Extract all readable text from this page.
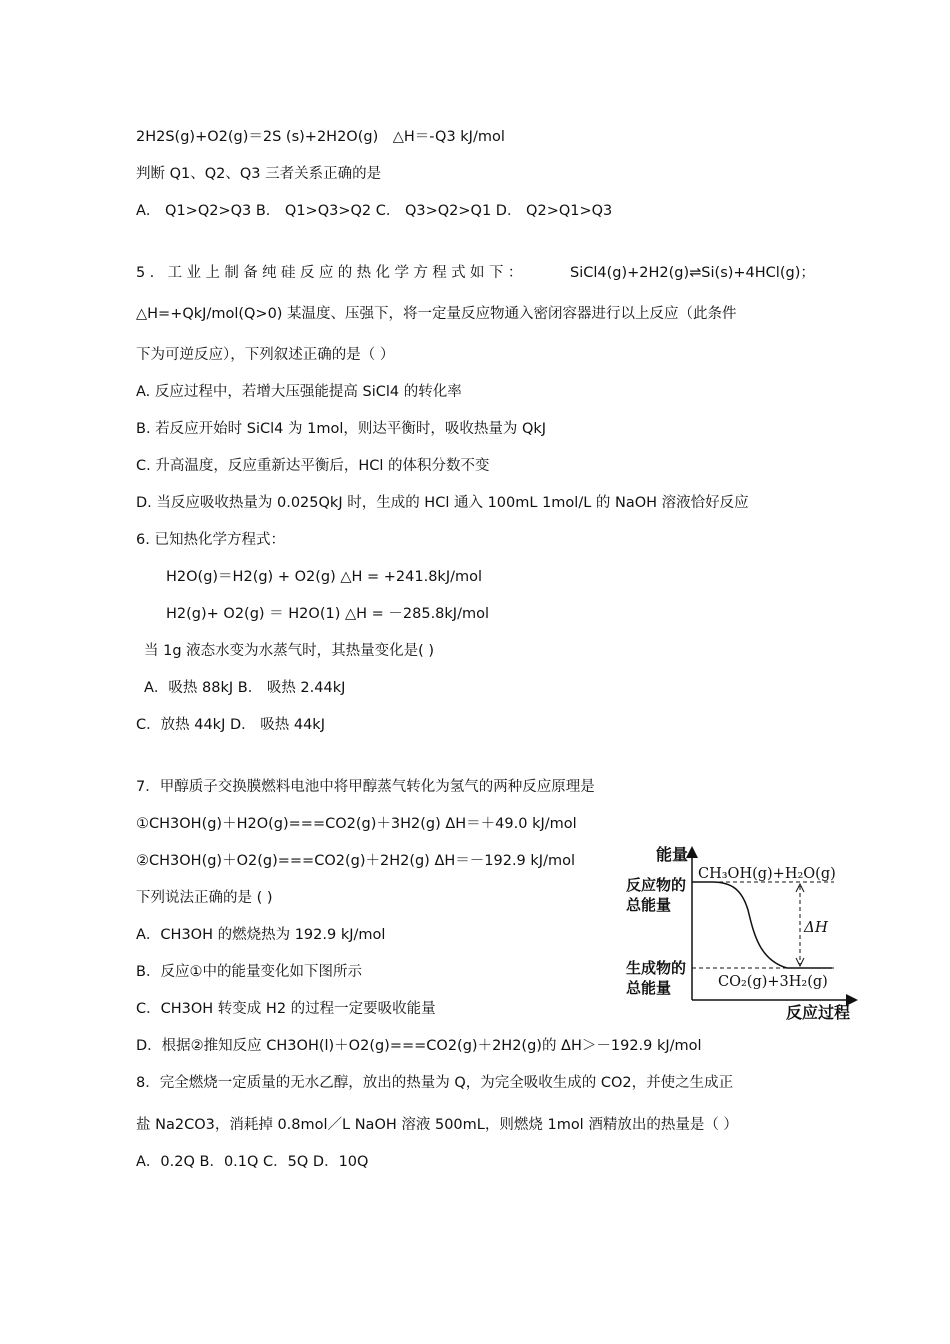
2H2S(g)+O2(g)＝2S (s)+2H2O(g)　△H＝-Q3 kJ/mol
判断 Q1、Q2、Q3 三者关系正确的是
A． Q1>Q2>Q3 B． Q1>Q3>Q2 C． Q3>Q2>Q1 D． Q2>Q1>Q3
5. 工业上制备纯硅反应的热化学方程式如下：	SiCl4(g)+2H2(g)⇌Si(s)+4HCl(g)；
△H=+QkJ/mol(Q>0) 某温度、压强下，将一定量反应物通入密闭容器进行以上反应（此条件
下为可逆反应），下列叙述正确的是（ ）
A. 反应过程中，若增大压强能提高 SiCl4 的转化率
B. 若反应开始时 SiCl4 为 1mol，则达平衡时，吸收热量为 QkJ
C. 升高温度，反应重新达平衡后，HCl 的体积分数不变
D. 当反应吸收热量为 0.025QkJ 时，生成的 HCl 通入 100mL 1mol/L 的 NaOH 溶液恰好反应
6. 已知热化学方程式：
H2O(g)＝H2(g) + O2(g) △H = +241.8kJ/mol
H2(g)+ O2(g) ＝ H2O(1) △H = －285.8kJ/mol
当 1g 液态水变为水蒸气时，其热量变化是( )
A．吸热 88kJ B． 吸热 2.44kJ
C．放热 44kJ D． 吸热 44kJ
7．甲醇质子交换膜燃料电池中将甲醇蒸气转化为氢气的两种反应原理是
①CH3OH(g)＋H2O(g)===CO2(g)＋3H2(g) ΔH＝＋49.0 kJ/mol
②CH3OH(g)＋O2(g)===CO2(g)＋2H2(g) ΔH＝－192.9 kJ/mol
下列说法正确的是 ( )
A．CH3OH 的燃烧热为 192.9 kJ/mol
B．反应①中的能量变化如下图所示
C．CH3OH 转变成 H2 的过程一定要吸收能量
D．根据②推知反应 CH3OH(l)＋O2(g)===CO2(g)＋2H2(g)的 ΔH＞－192.9 kJ/mol
8．完全燃烧一定质量的无水乙醇，放出的热量为 Q，为完全吸收生成的 CO2，并使之生成正
盐 Na2CO3，消耗掉 0.8mol／L NaOH 溶液 500mL，则燃烧 1mol 酒精放出的热量是（ ）
A．0.2Q B．0.1Q C．5Q D．10Q
能量
反应物的
总能量
生成物的
总能量
CH₃OH(g)+H₂O(g)
CO₂(g)+3H₂(g)
ΔH
反应过程
